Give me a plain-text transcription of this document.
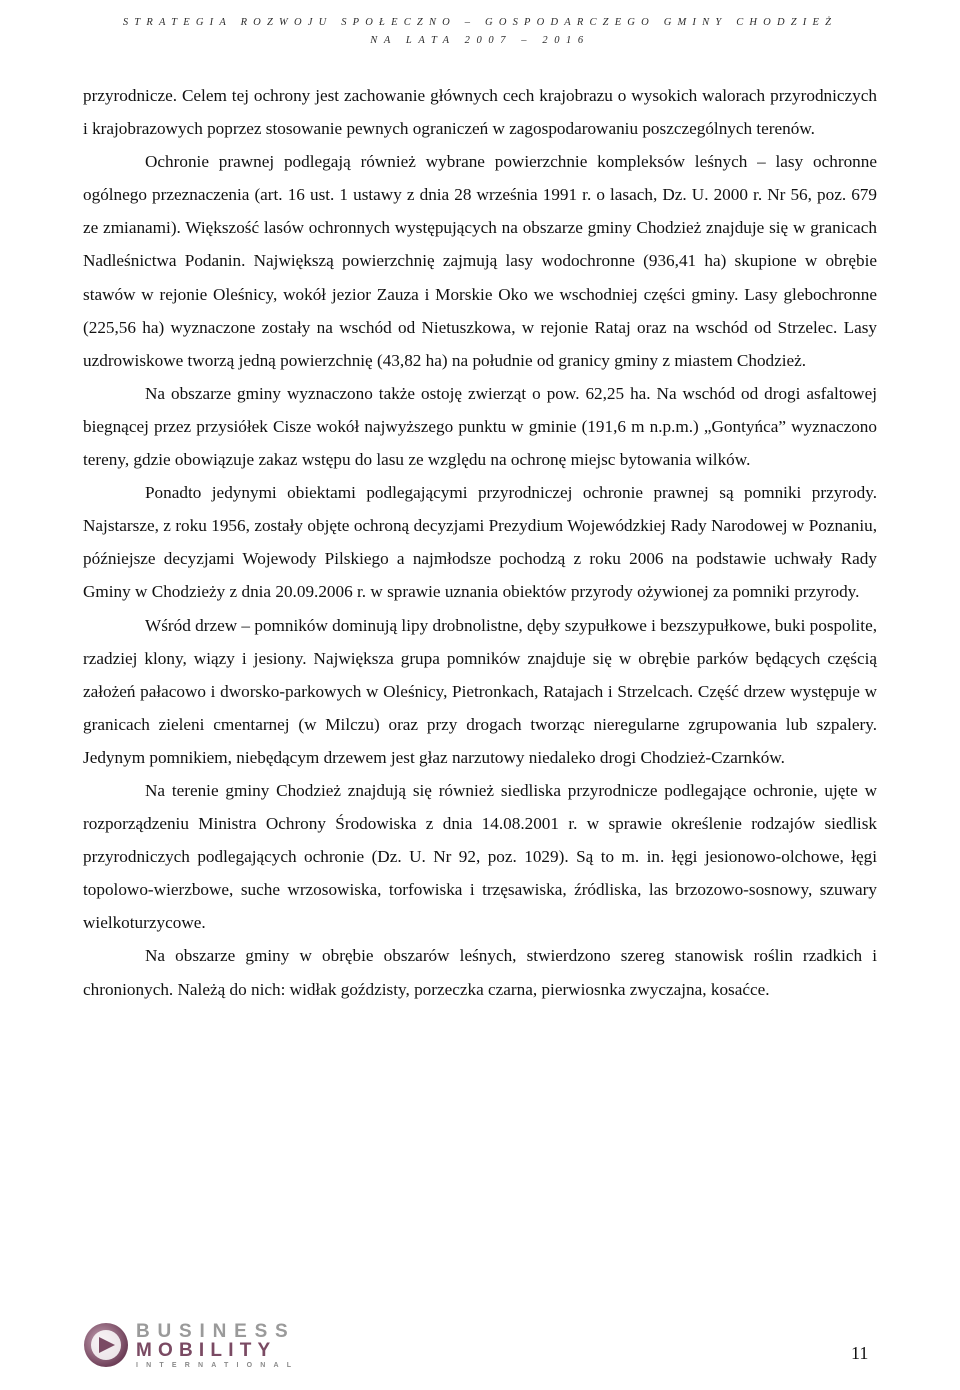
STRATEGIA ROZWOJU SPOŁECZNO – GOSPODARCZEGO GMINY CHODZIEŻ
NA LATA 2007 – 2016

przyrodnicze. Celem tej ochrony jest zachowanie głównych cech krajobrazu o wysokich walorach przyrodniczych i krajobrazowych poprzez stosowanie pewnych ograniczeń w zagospodarowaniu poszczególnych terenów.

Ochronie prawnej podlegają również wybrane powierzchnie kompleksów leśnych – lasy ochronne ogólnego przeznaczenia (art. 16 ust. 1 ustawy z dnia 28 września 1991 r. o lasach, Dz. U. 2000 r. Nr 56, poz. 679 ze zmianami). Większość lasów ochronnych występujących na obszarze gminy Chodzież znajduje się w granicach Nadleśnictwa Podanin. Największą powierzchnię zajmują lasy wodochronne (936,41 ha) skupione w obrębie stawów w rejonie Oleśnicy, wokół jezior Zauza i Morskie Oko we wschodniej części gminy. Lasy glebochronne (225,56 ha) wyznaczone zostały na wschód od Nietuszkowa, w rejonie Rataj oraz na wschód od Strzelec. Lasy uzdrowiskowe tworzą jedną powierzchnię (43,82 ha) na południe od granicy gminy z miastem Chodzież.

Na obszarze gminy wyznaczono także ostoję zwierząt o pow. 62,25 ha. Na wschód od drogi asfaltowej biegnącej przez przysiółek Cisze wokół najwyższego punktu w gminie (191,6 m n.p.m.) „Gontyńca” wyznaczono tereny, gdzie obowiązuje zakaz wstępu do lasu ze względu na ochronę miejsc bytowania wilków.

Ponadto jedynymi obiektami podlegającymi przyrodniczej ochronie prawnej są pomniki przyrody. Najstarsze, z roku 1956, zostały objęte ochroną decyzjami Prezydium Wojewódzkiej Rady Narodowej w Poznaniu, późniejsze decyzjami Wojewody Pilskiego a najmłodsze pochodzą z roku 2006 na podstawie uchwały Rady Gminy w Chodzieży z dnia 20.09.2006 r. w sprawie uznania obiektów przyrody ożywionej za pomniki przyrody.

Wśród drzew – pomników dominują lipy drobnolistne, dęby szypułkowe i bezszypułkowe, buki pospolite, rzadziej klony, wiązy i jesiony. Największa grupa pomników znajduje się w obrębie parków będących częścią założeń pałacowo i dworsko-parkowych w Oleśnicy, Pietronkach, Ratajach i Strzelcach. Część drzew występuje w granicach zieleni cmentarnej (w Milczu) oraz przy drogach tworząc nieregularne zgrupowania lub szpalery. Jedynym pomnikiem, niebędącym drzewem jest głaz narzutowy niedaleko drogi Chodzież-Czarnków.

Na terenie gminy Chodzież znajdują się również siedliska przyrodnicze podlegające ochronie, ujęte w rozporządzeniu Ministra Ochrony Środowiska z dnia 14.08.2001 r. w sprawie określenie rodzajów siedlisk przyrodniczych podlegających ochronie (Dz. U. Nr 92, poz. 1029). Są to m. in. łęgi jesionowo-olchowe, łęgi topolowo-wierzbowe, suche wrzosowiska, torfowiska i trzęsawiska, źródliska, las brzozowo-sosnowy, szuwary wielkoturzycowe.

Na obszarze gminy w obrębie obszarów leśnych, stwierdzono szereg stanowisk roślin rzadkich i chronionych. Należą do nich: widłak goździsty, porzeczka czarna, pierwiosnka zwyczajna, kosaćce.

BUSINESS
MOBILITY
INTERNATIONAL
11
